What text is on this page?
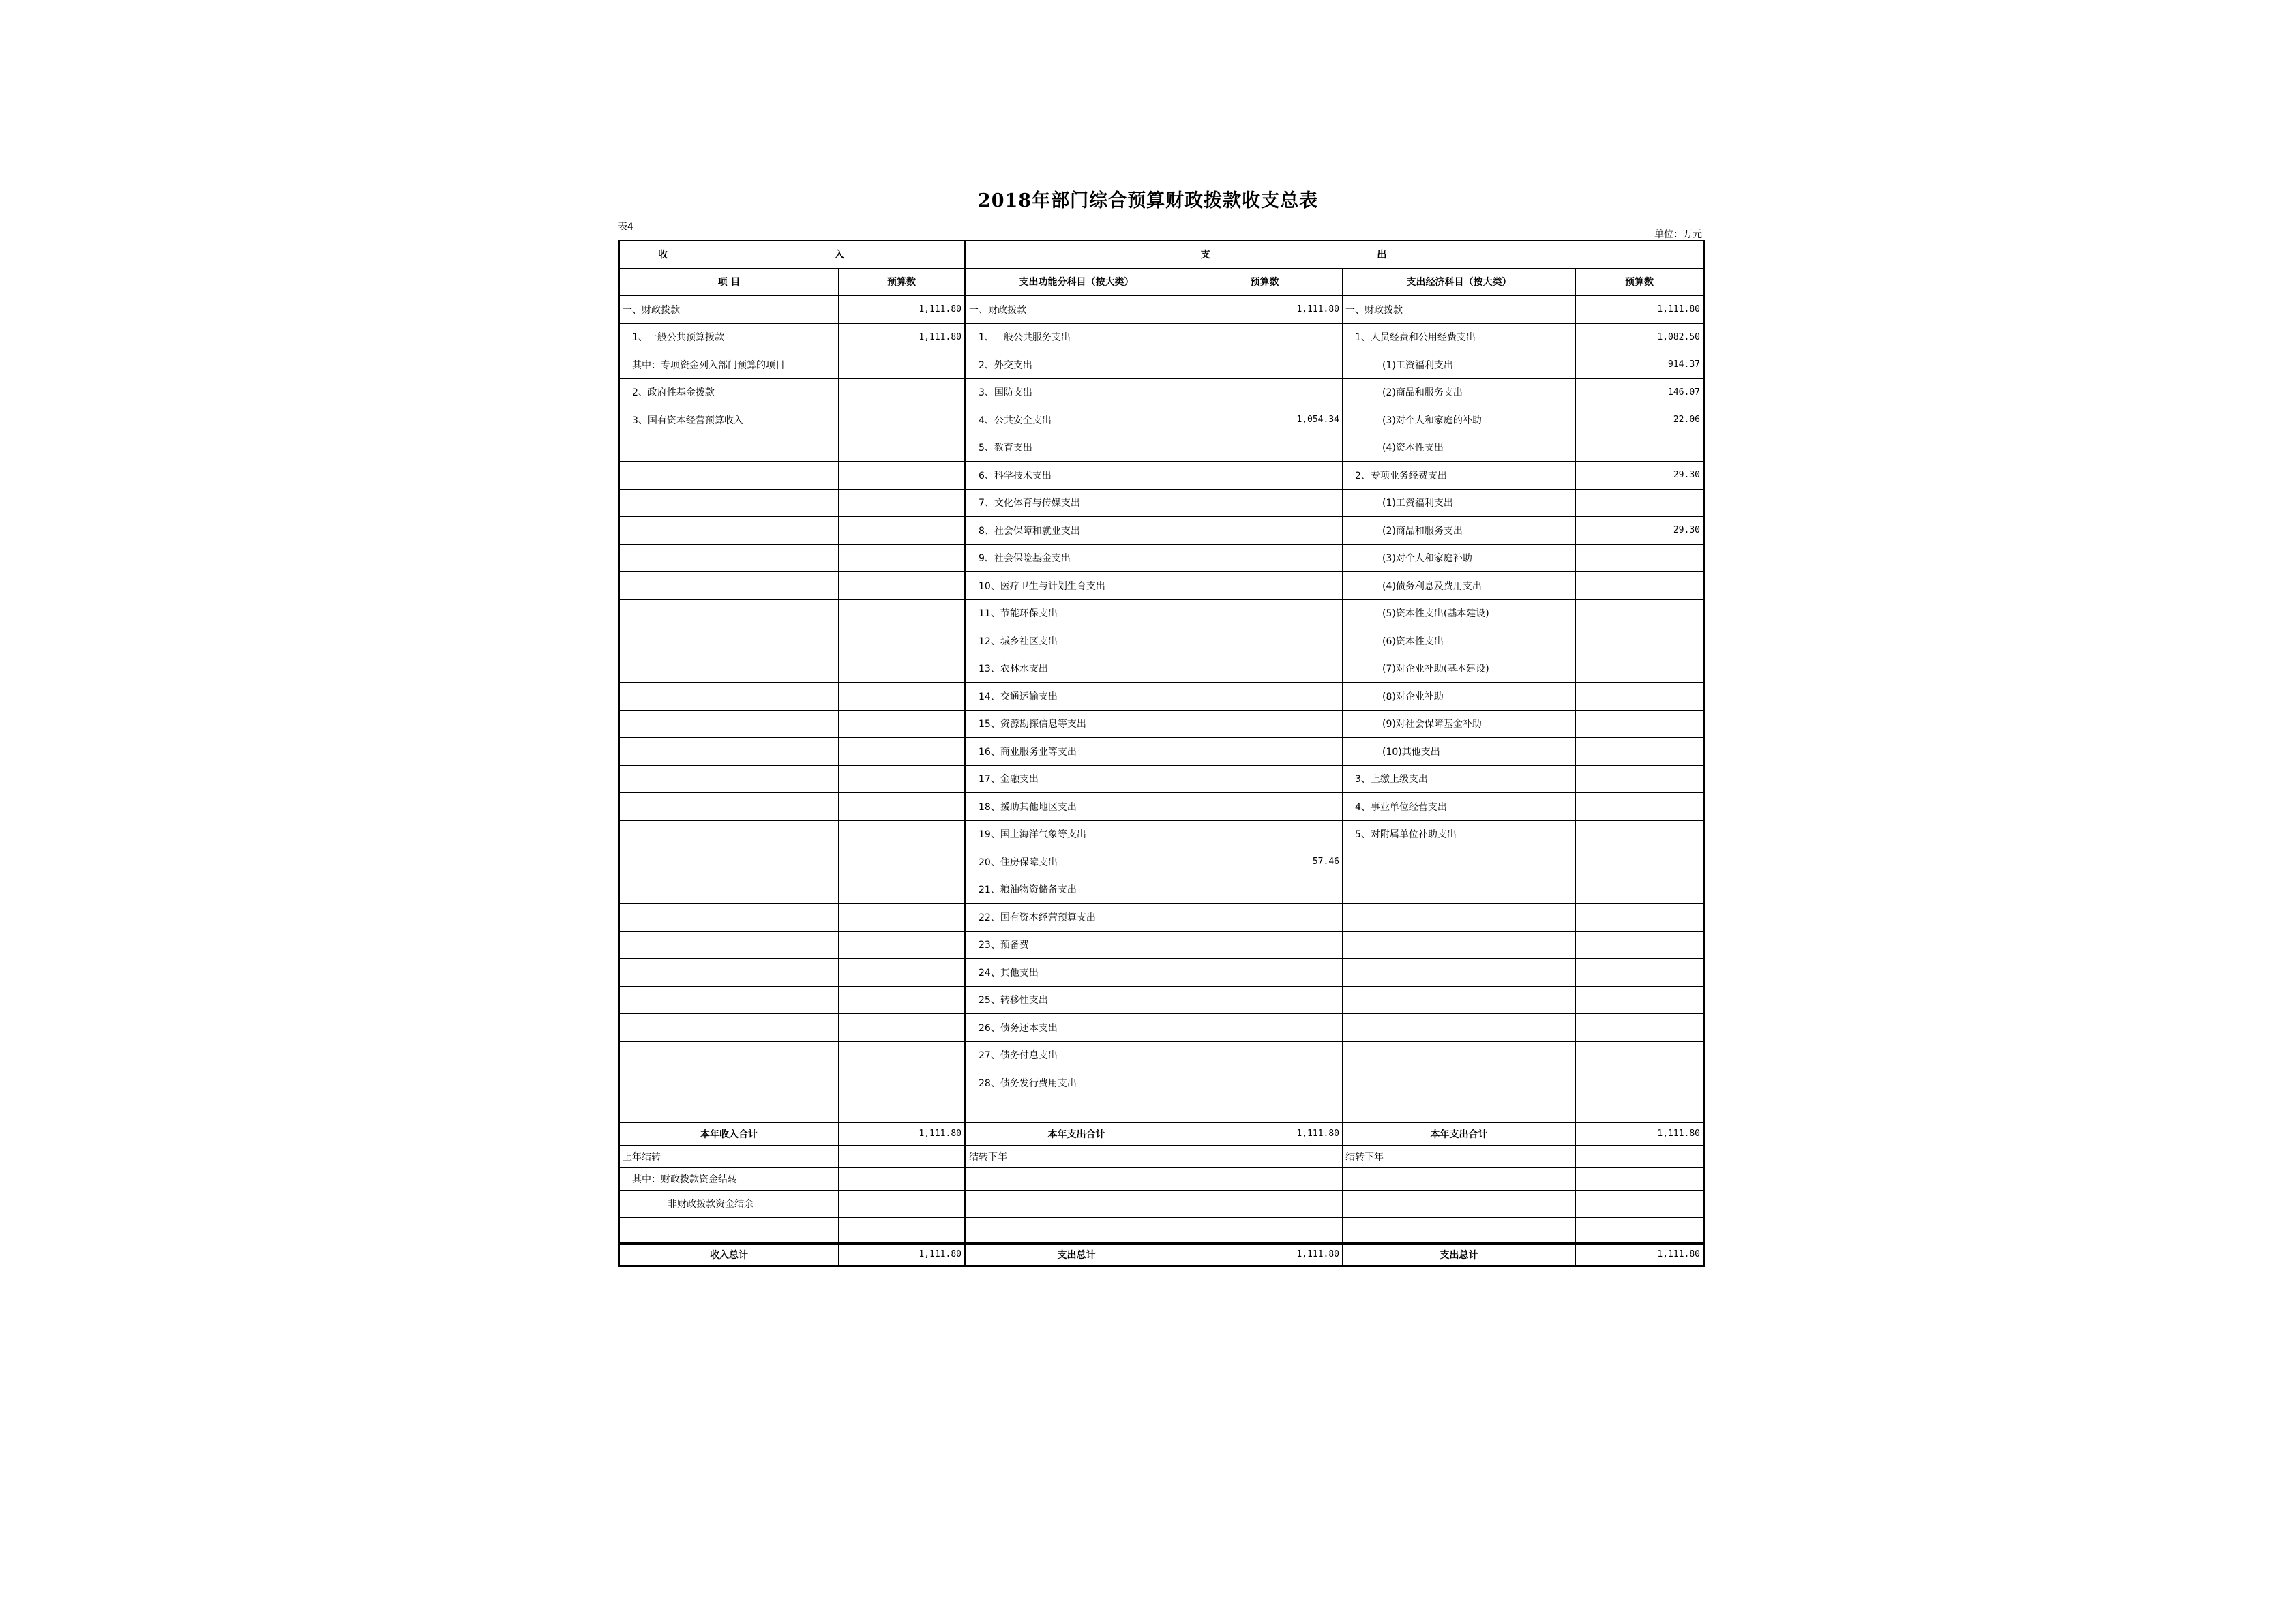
2018年部门综合预算财政拨款收支总表
表4
单位：万元
收 入		支 出			
项 目	预算数	支出功能分科目（按大类）	预算数	支出经济科目（按大类）	预算数
一、财政拨款	1,111.80	一、财政拨款	1,111.80	一、财政拨款	1,111.80
1、一般公共预算拨款	1,111.80	1、一般公共服务支出		1、人员经费和公用经费支出	1,082.50
其中：专项资金列入部门预算的项目		2、外交支出		(1)工资福利支出	914.37
2、政府性基金拨款		3、国防支出		(2)商品和服务支出	146.07
3、国有资本经营预算收入		4、公共安全支出	1,054.34	(3)对个人和家庭的补助	22.06
		5、教育支出		(4)资本性支出	
		6、科学技术支出		2、专项业务经费支出	29.30
		7、文化体育与传媒支出		(1)工资福利支出	
		8、社会保障和就业支出		(2)商品和服务支出	29.30
		9、社会保险基金支出		(3)对个人和家庭补助	
		10、医疗卫生与计划生育支出		(4)债务利息及费用支出	
		11、节能环保支出		(5)资本性支出(基本建设)	
		12、城乡社区支出		(6)资本性支出	
		13、农林水支出		(7)对企业补助(基本建设)	
		14、交通运输支出		(8)对企业补助	
		15、资源勘探信息等支出		(9)对社会保障基金补助	
		16、商业服务业等支出		(10)其他支出	
		17、金融支出		3、上缴上级支出	
		18、援助其他地区支出		4、事业单位经营支出	
		19、国土海洋气象等支出		5、对附属单位补助支出	
		20、住房保障支出	57.46		
		21、粮油物资储备支出			
		22、国有资本经营预算支出			
		23、预备费			
		24、其他支出			
		25、转移性支出			
		26、债务还本支出			
		27、债务付息支出			
		28、债务发行费用支出			

本年收入合计	1,111.80	本年支出合计	1,111.80	本年支出合计	1,111.80
上年结转		结转下年		结转下年	
其中：财政拨款资金结转					
非财政拨款资金结余					

收入总计	1,111.80	支出总计	1,111.80	支出总计	1,111.80
